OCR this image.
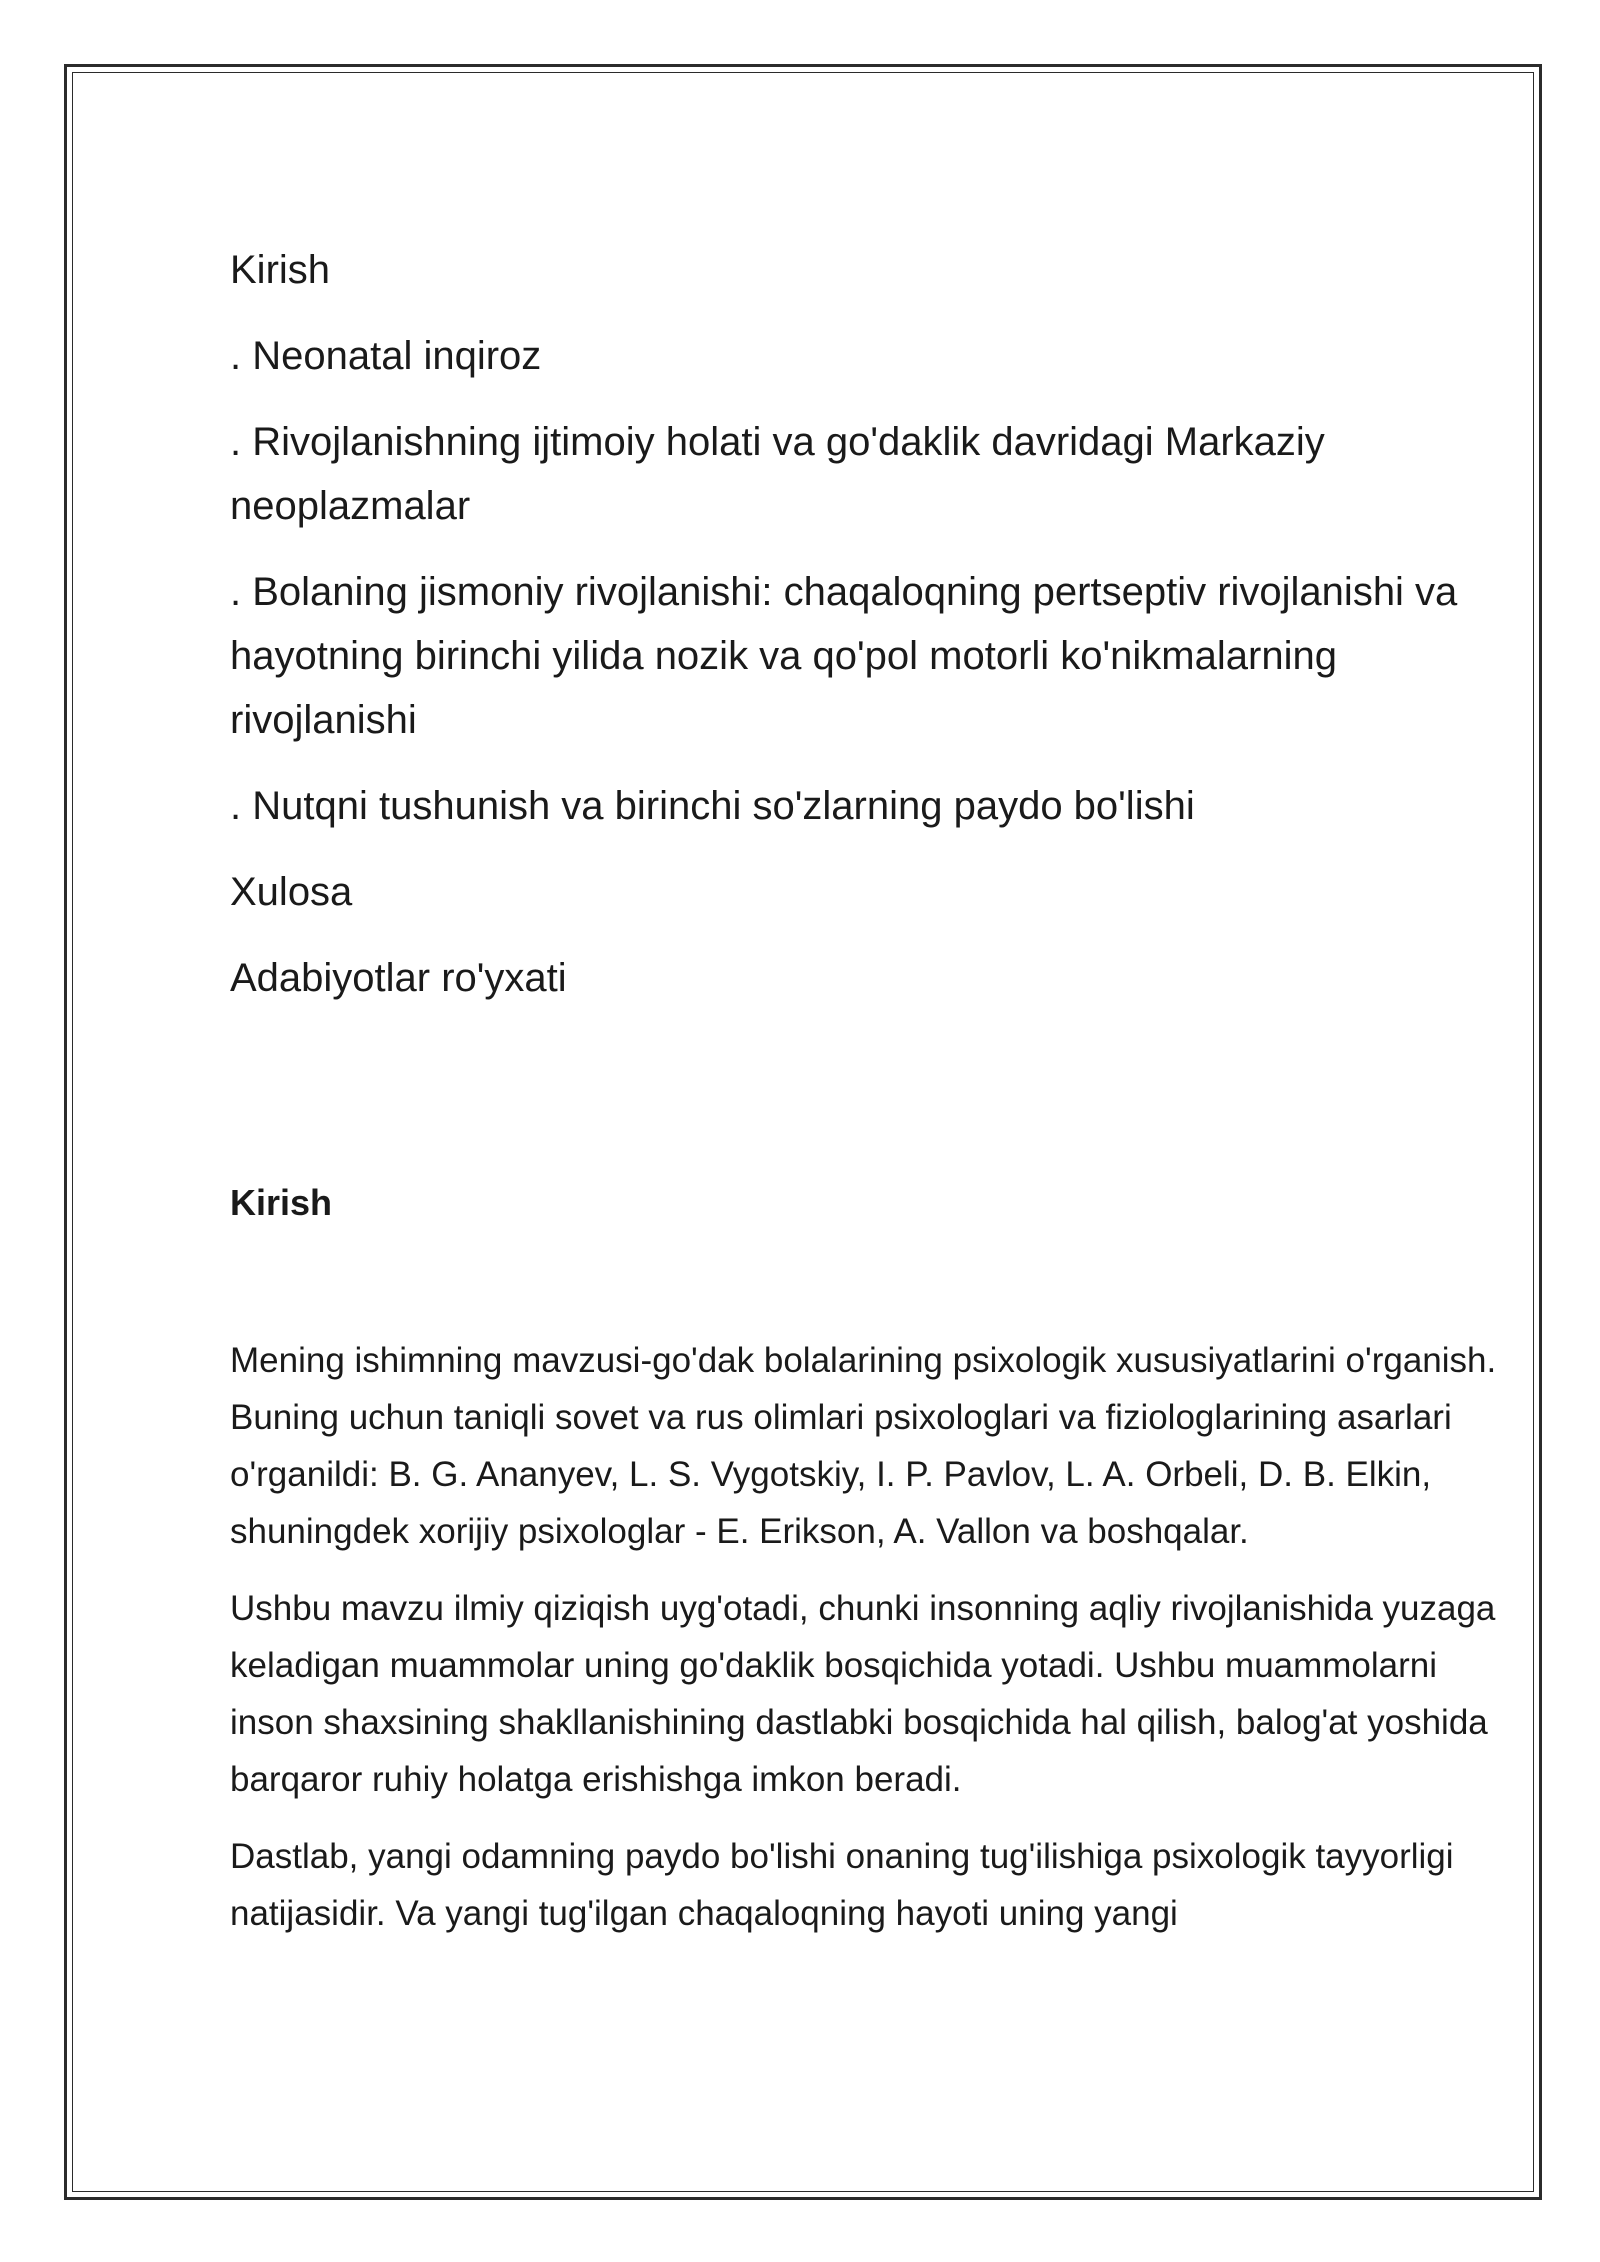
Kirish

. Neonatal inqiroz

. Rivojlanishning ijtimoiy holati va go'daklik davridagi Markaziy neoplazmalar

. Bolaning jismoniy rivojlanishi: chaqaloqning pertseptiv rivojlanishi va hayotning birinchi yilida nozik va qo'pol motorli ko'nikmalarning rivojlanishi

. Nutqni tushunish va birinchi so'zlarning paydo bo'lishi

Xulosa

Adabiyotlar ro'yxati

Kirish

Mening ishimning mavzusi-go'dak bolalarining psixologik xususiyatlarini o'rganish. Buning uchun taniqli sovet va rus olimlari psixologlari va fiziologlarining asarlari o'rganildi: B. G. Ananyev, L. S. Vygotskiy, I. P. Pavlov, L. A. Orbeli, D. B. Elkin, shuningdek xorijiy psixologlar - E. Erikson, A. Vallon va boshqalar.

Ushbu mavzu ilmiy qiziqish uyg'otadi, chunki insonning aqliy rivojlanishida yuzaga keladigan muammolar uning go'daklik bosqichida yotadi. Ushbu muammolarni inson shaxsining shakllanishining dastlabki bosqichida hal qilish, balog'at yoshida barqaror ruhiy holatga erishishga imkon beradi.

Dastlab, yangi odamning paydo bo'lishi onaning tug'ilishiga psixologik tayyorligi natijasidir. Va yangi tug'ilgan chaqaloqning hayoti uning yangi
